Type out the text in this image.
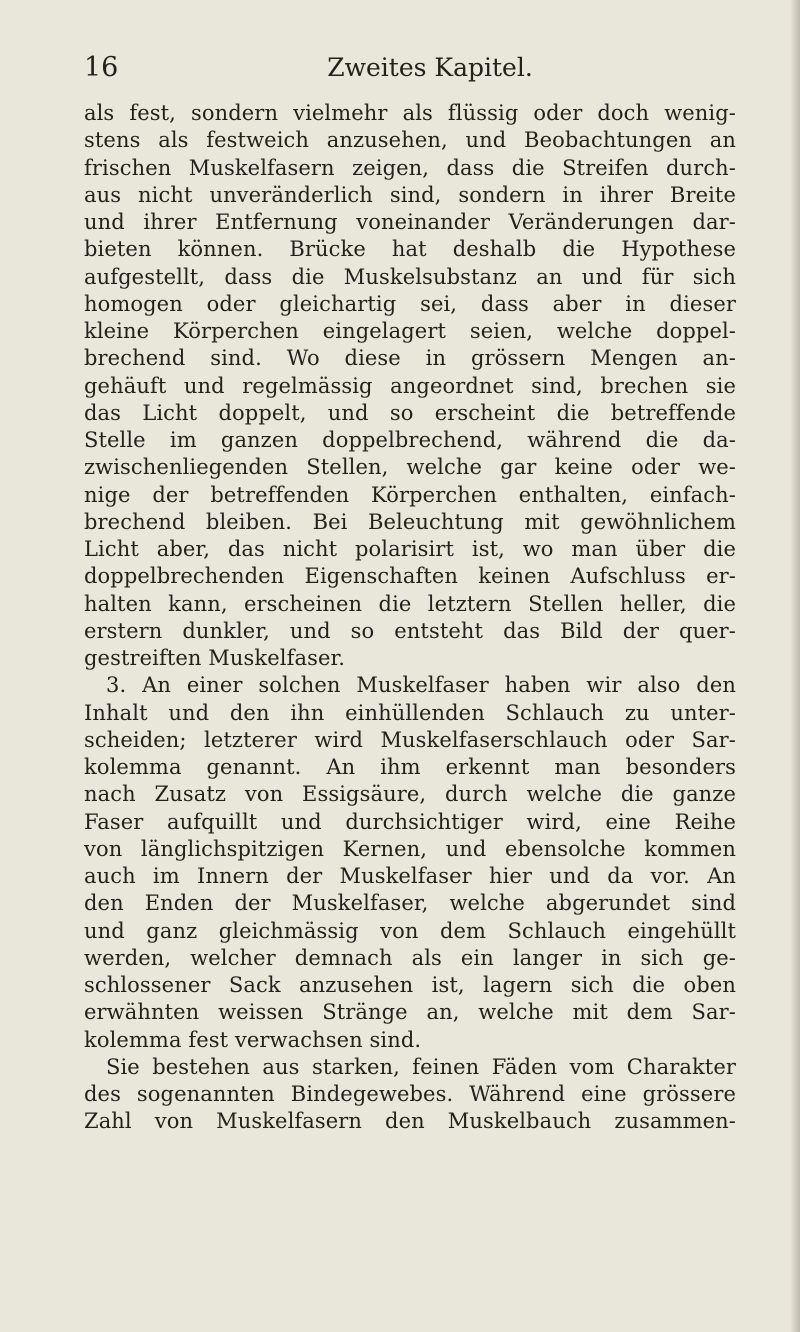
16	Zweites Kapitel.
als fest, sondern vielmehr als flüssig oder doch wenig-
stens als festweich anzusehen, und Beobachtungen an
frischen Muskelfasern zeigen, dass die Streifen durch-
aus nicht unveränderlich sind, sondern in ihrer Breite
und ihrer Entfernung voneinander Veränderungen dar-
bieten können. Brücke hat deshalb die Hypothese
aufgestellt, dass die Muskelsubstanz an und für sich
homogen oder gleichartig sei, dass aber in dieser
kleine Körperchen eingelagert seien, welche doppel-
brechend sind. Wo diese in grössern Mengen an-
gehäuft und regelmässig angeordnet sind, brechen sie
das Licht doppelt, und so erscheint die betreffende
Stelle im ganzen doppelbrechend, während die da-
zwischenliegenden Stellen, welche gar keine oder we-
nige der betreffenden Körperchen enthalten, einfach-
brechend bleiben. Bei Beleuchtung mit gewöhnlichem
Licht aber, das nicht polarisirt ist, wo man über die
doppelbrechenden Eigenschaften keinen Aufschluss er-
halten kann, erscheinen die letztern Stellen heller, die
erstern dunkler, und so entsteht das Bild der quer-
gestreiften Muskelfaser.
3. An einer solchen Muskelfaser haben wir also den
Inhalt und den ihn einhüllenden Schlauch zu unter-
scheiden; letzterer wird Muskelfaserschlauch oder Sar-
kolemma genannt. An ihm erkennt man besonders
nach Zusatz von Essigsäure, durch welche die ganze
Faser aufquillt und durchsichtiger wird, eine Reihe
von länglichspitzigen Kernen, und ebensolche kommen
auch im Innern der Muskelfaser hier und da vor. An
den Enden der Muskelfaser, welche abgerundet sind
und ganz gleichmässig von dem Schlauch eingehüllt
werden, welcher demnach als ein langer in sich ge-
schlossener Sack anzusehen ist, lagern sich die oben
erwähnten weissen Stränge an, welche mit dem Sar-
kolemma fest verwachsen sind.
Sie bestehen aus starken, feinen Fäden vom Charakter
des sogenannten Bindegewebes. Während eine grössere
Zahl von Muskelfasern den Muskelbauch zusammen-
